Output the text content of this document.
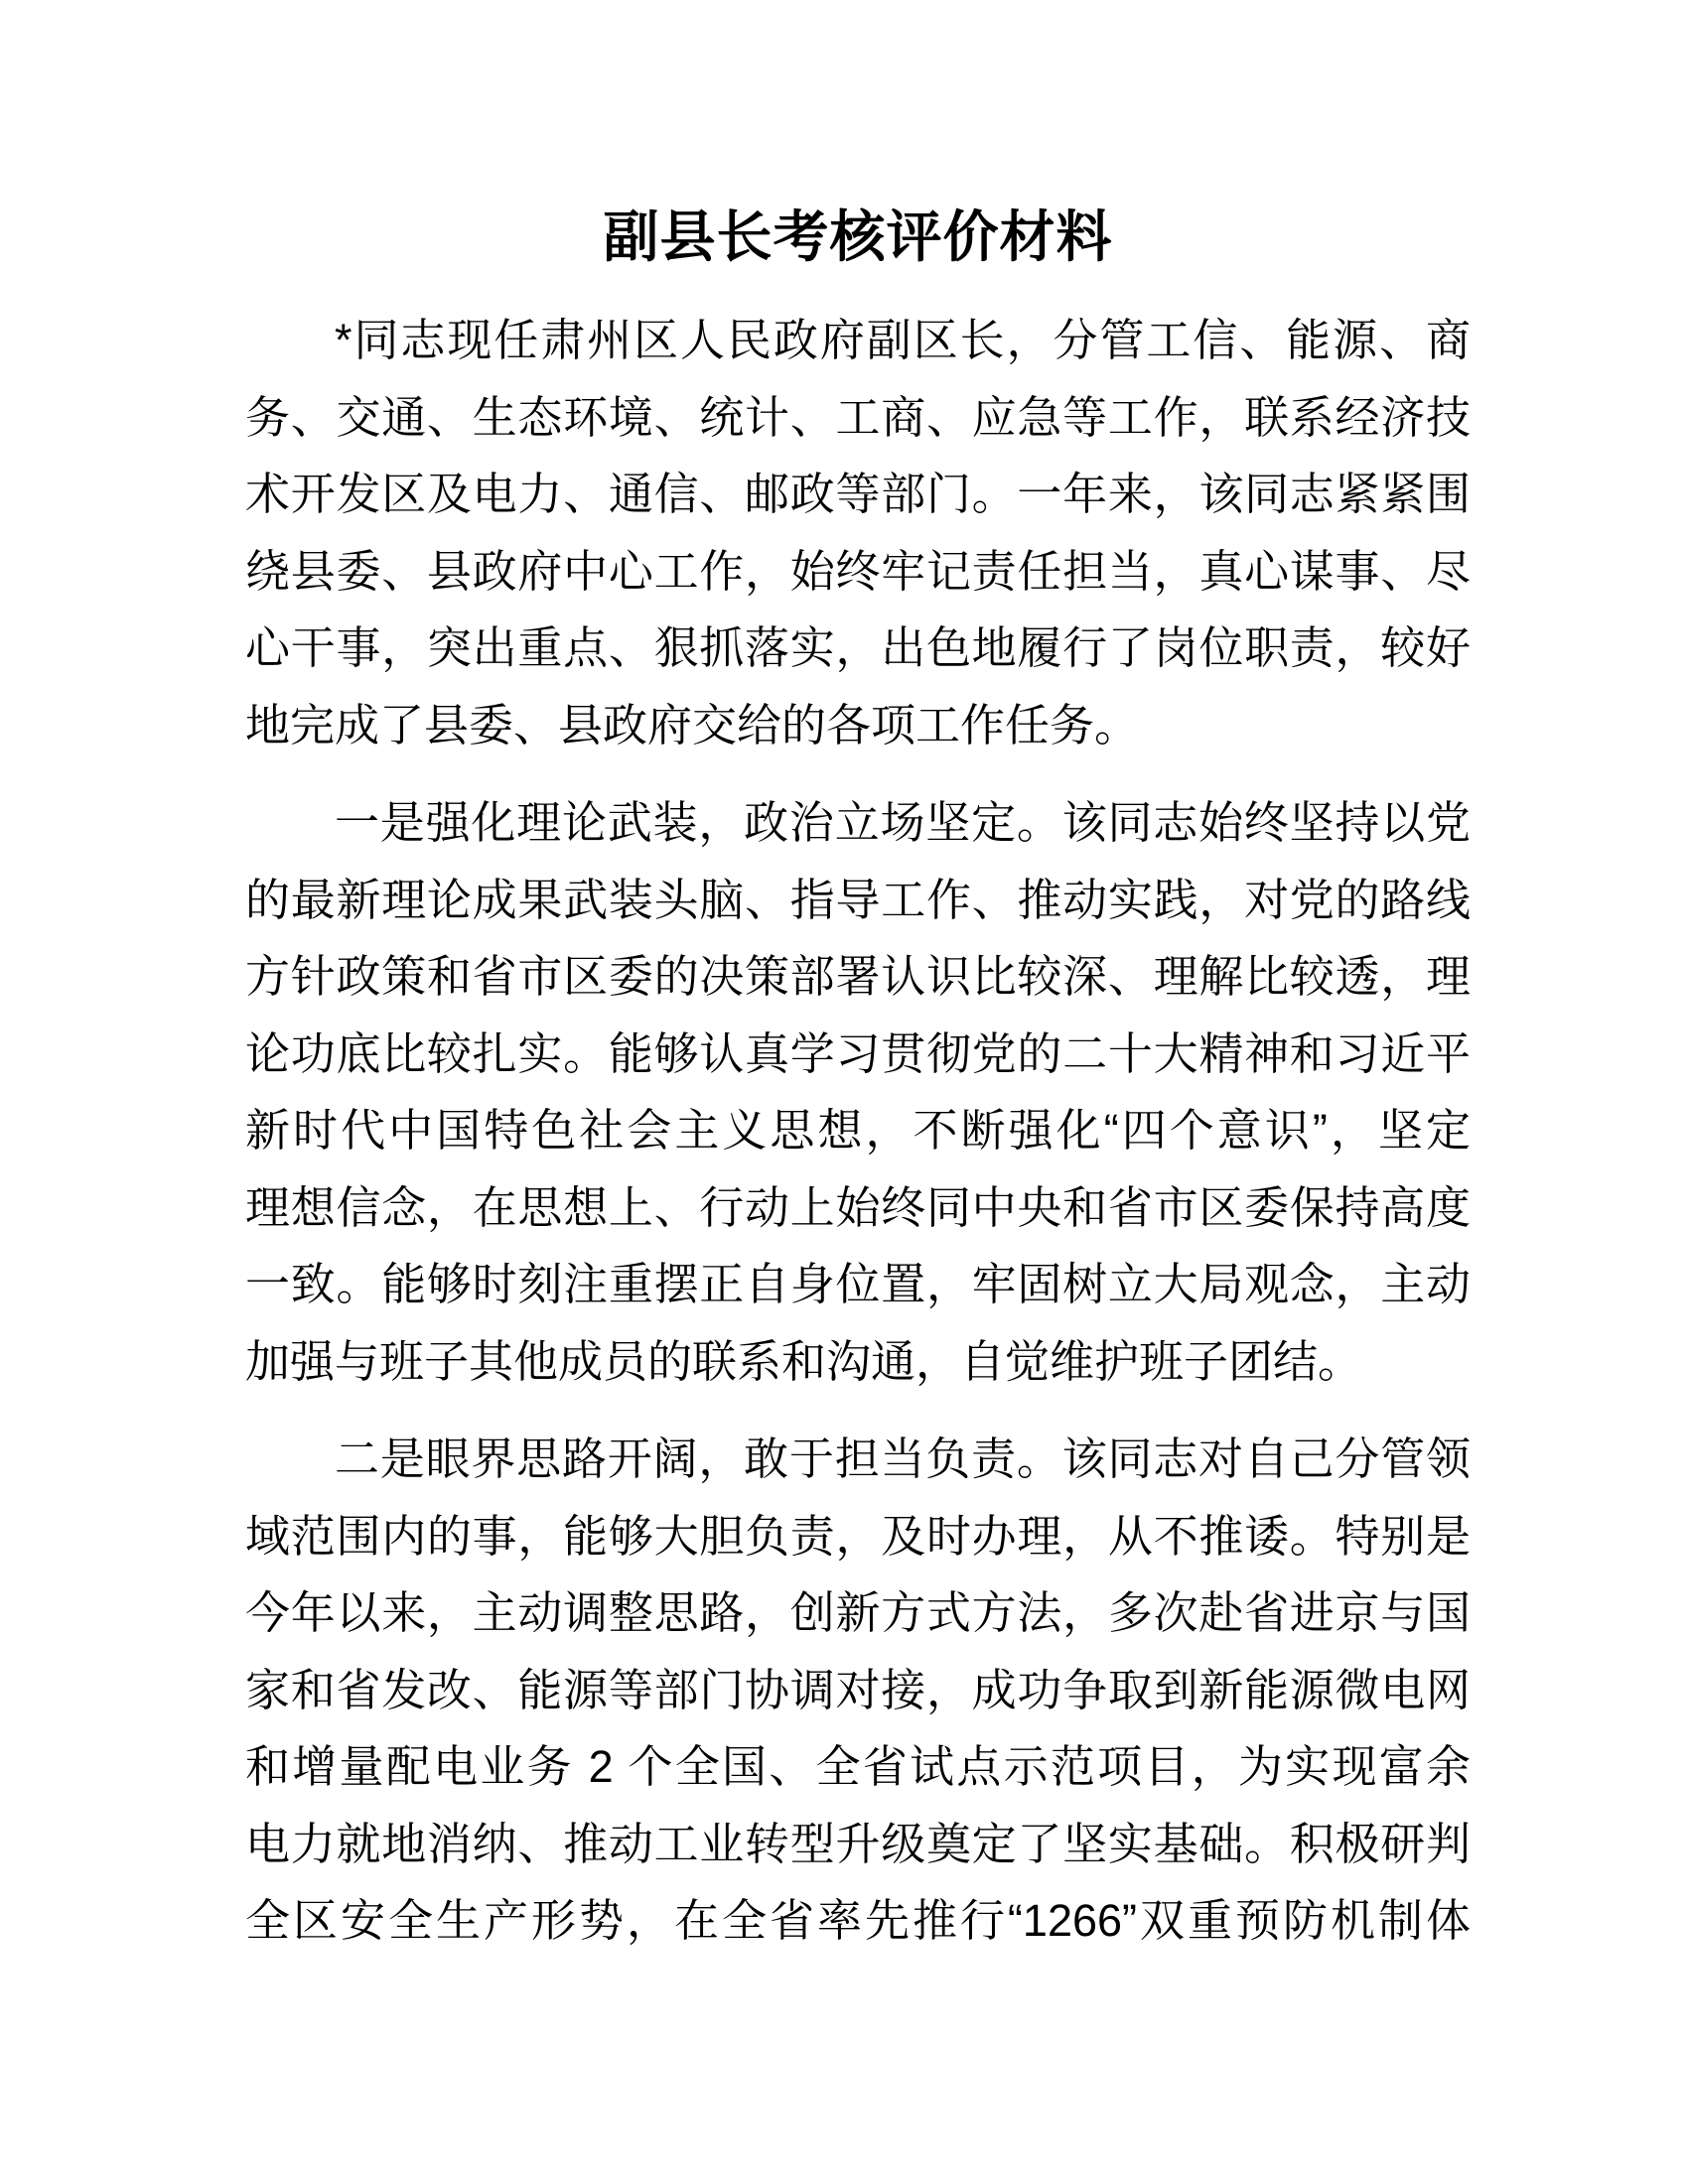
副县长考核评价材料
*同志现任肃州区人民政府副区长，分管工信、能源、商
务、交通、生态环境、统计、工商、应急等工作，联系经济技
术开发区及电力、通信、邮政等部门。一年来，该同志紧紧围
绕县委、县政府中心工作，始终牢记责任担当，真心谋事、尽
心干事，突出重点、狠抓落实，出色地履行了岗位职责，较好
地完成了县委、县政府交给的各项工作任务。
一是强化理论武装，政治立场坚定。该同志始终坚持以党
的最新理论成果武装头脑、指导工作、推动实践，对党的路线
方针政策和省市区委的决策部署认识比较深、理解比较透，理
论功底比较扎实。能够认真学习贯彻党的二十大精神和习近平
新时代中国特色社会主义思想，不断强化“四个意识”，坚定
理想信念，在思想上、行动上始终同中央和省市区委保持高度
一致。能够时刻注重摆正自身位置，牢固树立大局观念，主动
加强与班子其他成员的联系和沟通，自觉维护班子团结。
二是眼界思路开阔，敢于担当负责。该同志对自己分管领
域范围内的事，能够大胆负责，及时办理，从不推诿。特别是
今年以来，主动调整思路，创新方式方法，多次赴省进京与国
家和省发改、能源等部门协调对接，成功争取到新能源微电网
和增量配电业务 2 个全国、全省试点示范项目，为实现富余
电力就地消纳、推动工业转型升级奠定了坚实基础。积极研判
全区安全生产形势，在全省率先推行“1266”双重预防机制体
